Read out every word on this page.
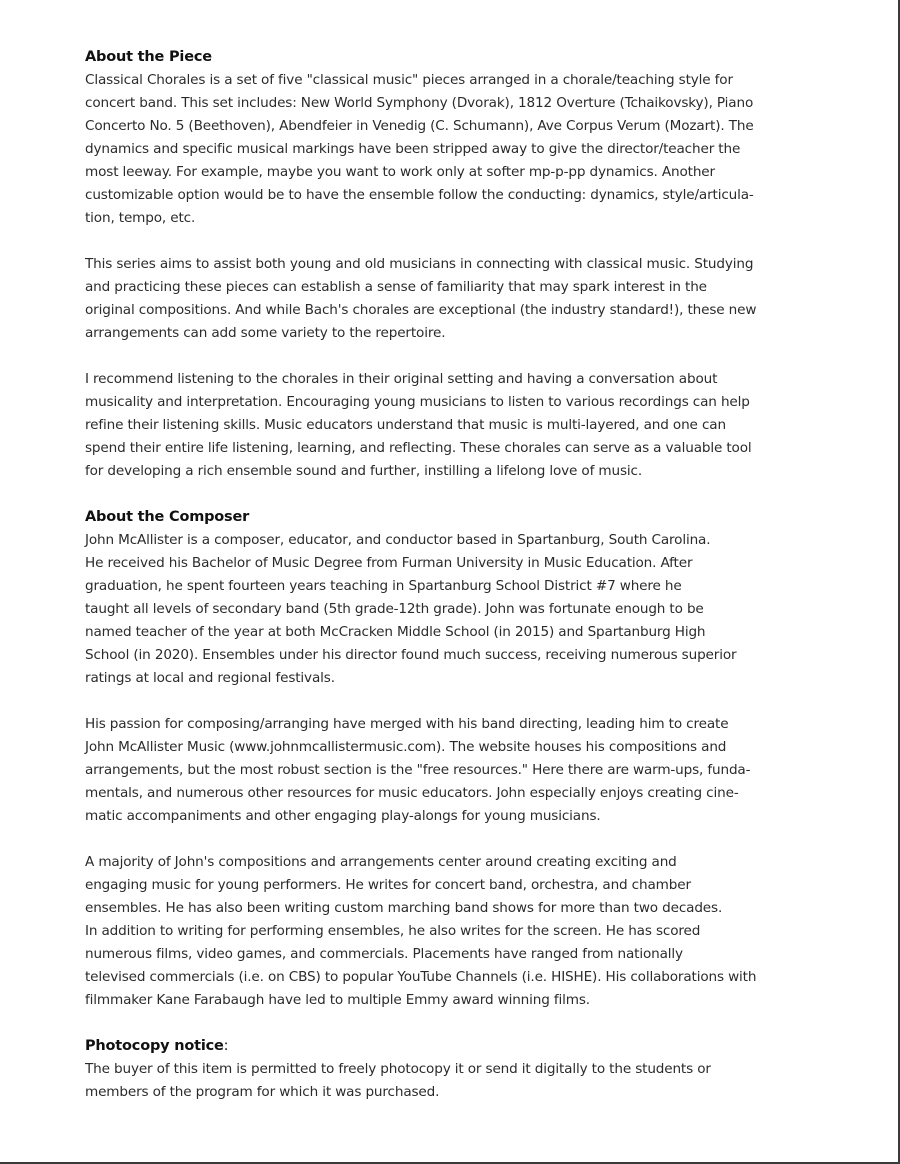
About the Piece

Classical Chorales is a set of five "classical music" pieces arranged in a chorale/teaching style for
concert band. This set includes: New World Symphony (Dvorak), 1812 Overture (Tchaikovsky), Piano
Concerto No. 5 (Beethoven), Abendfeier in Venedig (C. Schumann), Ave Corpus Verum (Mozart). The
dynamics and specific musical markings have been stripped away to give the director/teacher the
most leeway. For example, maybe you want to work only at softer mp-p-pp dynamics. Another
customizable option would be to have the ensemble follow the conducting: dynamics, style/articula-
tion, tempo, etc.

This series aims to assist both young and old musicians in connecting with classical music. Studying
and practicing these pieces can establish a sense of familiarity that may spark interest in the
original compositions. And while Bach's chorales are exceptional (the industry standard!), these new
arrangements can add some variety to the repertoire.

I recommend listening to the chorales in their original setting and having a conversation about
musicality and interpretation. Encouraging young musicians to listen to various recordings can help
refine their listening skills. Music educators understand that music is multi-layered, and one can
spend their entire life listening, learning, and reflecting. These chorales can serve as a valuable tool
for developing a rich ensemble sound and further, instilling a lifelong love of music.

About the Composer

John McAllister is a composer, educator, and conductor based in Spartanburg, South Carolina.
He received his Bachelor of Music Degree from Furman University in Music Education. After
graduation, he spent fourteen years teaching in Spartanburg School District #7 where he
taught all levels of secondary band (5th grade-12th grade). John was fortunate enough to be
named teacher of the year at both McCracken Middle School (in 2015) and Spartanburg High
School (in 2020). Ensembles under his director found much success, receiving numerous superior
ratings at local and regional festivals.

His passion for composing/arranging have merged with his band directing, leading him to create
John McAllister Music (www.johnmcallistermusic.com). The website houses his compositions and
arrangements, but the most robust section is the "free resources." Here there are warm-ups, funda-
mentals, and numerous other resources for music educators. John especially enjoys creating cine-
matic accompaniments and other engaging play-alongs for young musicians.

A majority of John's compositions and arrangements center around creating exciting and
engaging music for young performers. He writes for concert band, orchestra, and chamber
ensembles. He has also been writing custom marching band shows for more than two decades.
In addition to writing for performing ensembles, he also writes for the screen. He has scored
numerous films, video games, and commercials. Placements have ranged from nationally
televised commercials (i.e. on CBS) to popular YouTube Channels (i.e. HISHE). His collaborations with
filmmaker Kane Farabaugh have led to multiple Emmy award winning films.

Photocopy notice:

The buyer of this item is permitted to freely photocopy it or send it digitally to the students or
members of the program for which it was purchased.
